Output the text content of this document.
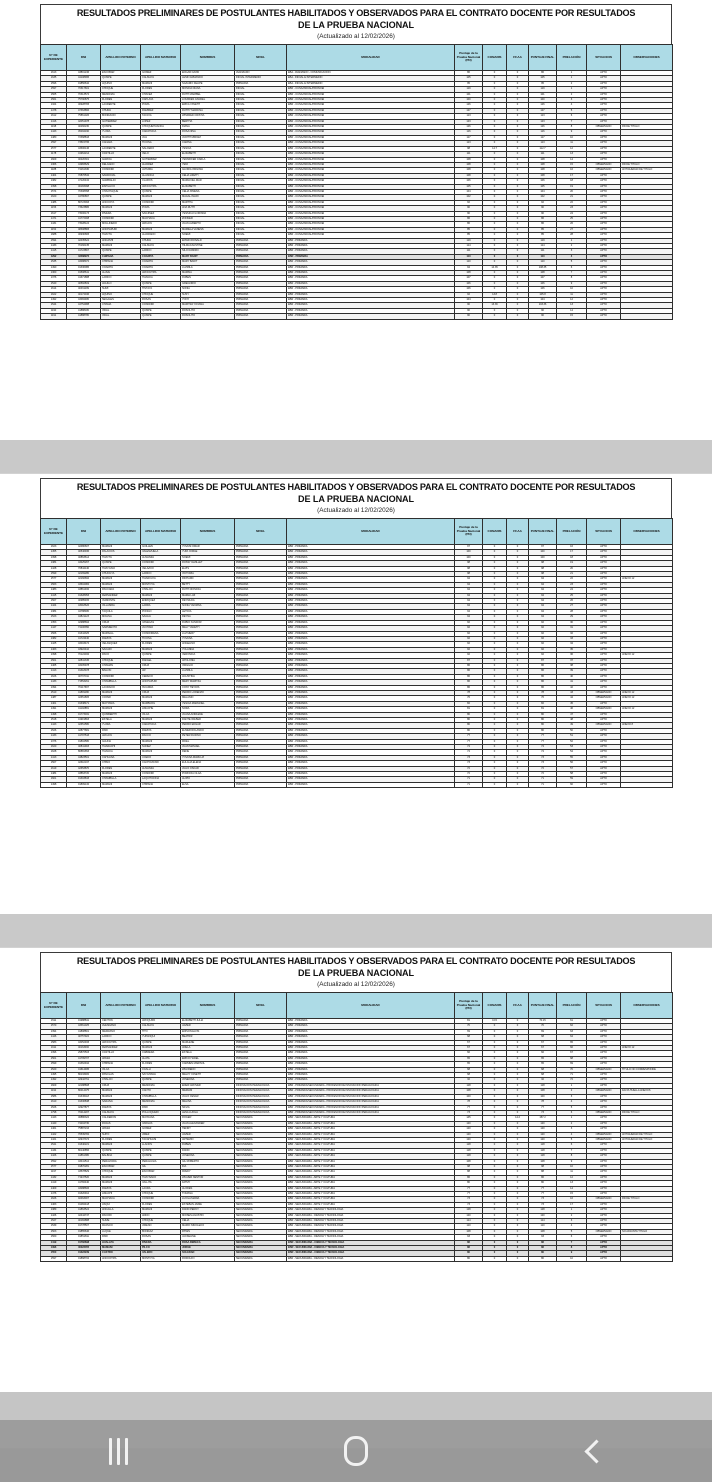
RESULTADOS PRELIMINARES DE POSTULANTES HABILITADOS Y OBSERVADOS PARA EL CONTRATO DOCENTE POR RESULTADOS
DE LA PRUEBA NACIONAL
(Actualizado al 12/02/2026)
N° DE EXPEDIENTE	DNI	APELLIDO PATERNO	APELLIDO MATERNO	NOMBRES	NIVEL	MODALIDAD	Puntaje de la Prueba Nacional (PN)	CONADIS	FF.AA	PUNTAJE FINAL	PRELACIÓN	SITUACION	OBSERVACIONES
1613	43801246	ESCOBAR	GOMEZ	EDGAR DAVID	AVANZADO	EBA - AVANZADO - COMUNICACIÓN	86	0	0	86	1	APTO	
1635	44108995	QUISPE	CALISAYA	LENIN ARMANDO	INICIAL INTERMEDIO	EBA - INICIAL E INTERMEDIO	105	0	0	105	1	APTO	
1596	01856642	AQUINO	MAMANI	NAZARIO FELIPE	PRIMARIA	EBA - INICIAL E INTERMEDIO	95	0	0	95	2	APTO	
1597	70317601	CHOQUE	FLORES	MONICA DIANA	INICIAL	EBR - CUNA/INICIAL/PRONOEI	119	0	0	119	1	APTO	
1565	70313574	MENDOZA	CHAVEZ	RUTH MARIBEL	INICIAL	EBR - CUNA/INICIAL/PRONOEI	101	0	0	101	2	APTO	
1561	75790875	FLORES	CAPLAYA	LOURDES CANDEL	INICIAL	EBR - CUNA/INICIAL/PRONOEI	100	0	0	100	3	APTO	
1324	46928783	LAURENTE	POMA	ERIKA YANETH	INICIAL	EBR - CUNA/INICIAL/PRONOEI	126	0	0	126	4	APTO	
1478	47363866	CHURA	RAMIREZ	RUTHY MARICSA	INICIAL	EBR - CUNA/INICIAL/PRONOEI	127	0	0	127	5	APTO	
1612	75861026	BONIFACIO	TACAYA	WINFRED CRISTIA	INICIAL	EBR - CUNA/INICIAL/PRONOEI	113	0	0	113	6	APTO	
1416	42051978	GUTIERREZ	LOPEZ	BERTHA	INICIAL	EBR - CUNA/INICIAL/PRONOEI	123	0	0	123	7	APTO	
1198	40266230	QUISPE	CHOQUEHUANCA	DIANA	INICIAL	EBR - CUNA/INICIAL/PRONOEI	126	0	0	126	8	OBSERVADO	RD DE TITULO
1443	45294190	YUJRA	CARAHUCA	ROSA NINA	INICIAL	EBR - CUNA/INICIAL/PRONOEI	116	0	0	116	9	APTO	
1480	72368843	MAMANI	JULI	JUDITH MIRIAM	INICIAL	EBR - CUNA/INICIAL/PRONOEI	117	0	0	117	10	APTO	
1597	73515795	CANAZA	TICONA	CARINA	INICIAL	EBR - CUNA/INICIAL/PRONOEI	113	0	0	113	11	APTO	
1577	43306146	LAURENTE	SALCEDO	YESICA	INICIAL	EBR - CUNA/INICIAL/PRONOEI	98	14.7	0	112.7	12	APTO	
1178	41964214	CASTILLO	VELO	ELIZABETH	INICIAL	EBR - CUNA/INICIAL/PRONOEI	111	0	0	111	13	APTO	
1609	40220301	GARCIA	GUTIERREZ	YENNIFFER CARLA	INICIAL	EBR - CUNA/INICIAL/PRONOEI	108	0	0	108	14	APTO	
1366	44983629	DELGADO	ALVAREZ	YENI	INICIAL	EBR - CUNA/INICIAL/PRONOEI	108	0	0	108	15	OBSERVADO	RD DE TITULO
1188	74161330	CONDORI	JAHUIRA	GLORIA VIRGINIA	INICIAL	EBR - CUNA/INICIAL/PRONOEI	108	0	0	108	16	OBSERVADO	ANTIGUEDAD DE TITULO
1404	70876534	SANDOVAL	ALANOCA	CELIA LIZETH	INICIAL	EBR - CUNA/INICIAL/PRONOEI	108	0	0	108	17	APTO	
1382	47120434	GARIBALDI	CLAROS	MARIA DEL MAR	INICIAL	EBR - CUNA/INICIAL/PRONOEI	106	0	0	106	18	APTO	
1398	46183098	ESPILLICO	AROCUTIPA	ELIZABETH	INICIAL	EBR - CUNA/INICIAL/PRONOEI	105	0	0	105	19	APTO	
1574	70308358	CHACHAQUE	QUISPE	CELIA XIMENA	INICIAL	EBR - CUNA/INICIAL/PRONOEI	104	0	0	104	20	APTO	
1620	44780897	QUISPE	MAMANI	MAGALI MARI	INICIAL	EBR - CUNA/INICIAL/PRONOEI	102	0	0	102	21	APTO	
1486	80723093	ANCCOTA	CONDORI	MARTHA	INICIAL	EBR - CUNA/INICIAL/PRONOEI	92	0	0	92	22	APTO	
1156	73623886	MAMANI	POMA	ANA RUTH	INICIAL	EBR - CUNA/INICIAL/PRONOEI	90	0	0	90	23	APTO	
1617	73006173	RIVERA	SANJINEZ	YESSICA FLORINDA	INICIAL	EBR - CUNA/INICIAL/PRONOEI	90	0	0	90	24	APTO	
1471	41772008	CONDORI	MACHACA	ZONNER	INICIAL	EBR - CUNA/INICIAL/PRONOEI	86	0	0	86	25	APTO	
1431	73028124	MOLLINEDO	ARCAYA	JUAN ALBERTO	INICIAL	EBR - CUNA/INICIAL/PRONOEI	86	0	0	86	26	APTO	
1152	48308883	ANCHAPURI	MAMANI	MARIELA VANESS	INICIAL	EBR - CUNA/INICIAL/PRONOEI	85	0	0	85	27	APTO	
1688	46930683	HUAYTA	ALVARADO	NOEMI	INICIAL	EBR - CUNA/INICIAL/PRONOEI	85	0	0	85	28	APTO	
1594	42435624	ANCASHI	CHURA	EDWIN RONALD	PRIMARIA	EBR - PRIMARIA	119	0	0	119	1	APTO	
1433	70166135	MAMANI	CALISAYA	HILMA FAUSTINE	PRIMARIA	EBR - PRIMARIA	114	0	0	114	2	APTO	
1415	41723867	QUISPE	LARICO	NILO RAMIRO	PRIMARIA	EBR - PRIMARIA	111	0	0	111	3	APTO	
1292	43488972	CHIPANA	COARITA	MARY BADIT	PRIMARIA	EBR - PRIMARIA	110	0	0	110	4	APTO	
1535	43488972	CHIPANA	COARITA	MARY BADIT	PRIMARIA	EBR - PRIMARIA	110	0	0	110	5	APTO	
1490	01336086	COARITA	COARITA	LUZMILA	PRIMARIA	EBR - PRIMARIA	94	14.35	0	108.35	6	APTO	
1360	01508641	ALAVE	AROCUTIPA	MARINA	PRIMARIA	EBR - PRIMARIA	108	0	0	108	7	APTO	
1376	41671888	LARICO	HUANCA	RUBEN	PRIMARIA	EBR - PRIMARIA	107	0	0	107	8	APTO	
1540	40592819	AGUILO	QUISPE	GREGORIO	PRIMARIA	EBR - PRIMARIA	106	0	0	106	9	APTO	
1614	40461199	SUMI	TINTAYA	SONIA	PRIMARIA	EBR - PRIMARIA	106	0	0	106	10	APTO	
1622	40174046	AQUINO	CHOQUE	SUSY	PRIMARIA	EBR - PRIMARIA	92	13.8	0	105.8	11	APTO	
1492	43484480	SEGALES	ROSAS	YONY	PRIMARIA	EBR - PRIMARIA	104	0	0	104	12	APTO	
1544	44754988	CHAMA	CONDORI	MARITZA YOVANA	PRIMARIA	EBR - PRIMARIA	90	13.36	0	103.36	13	APTO	
1190	41888180	VIDAL	QUISPE	ROSOLITO	PRIMARIA	EBR - PRIMARIA	90	0	0	90	14	APTO	
1191	41888780	VIDAL	QUISPE	ROSOLITO	PRIMARIA	EBR - PRIMARIA	90	0	0	90	15	APTO	
RESULTADOS PRELIMINARES DE POSTULANTES HABILITADOS Y OBSERVADOS PARA EL CONTRATO DOCENTE POR RESULTADOS
DE LA PRUEBA NACIONAL
(Actualizado al 12/02/2026)
N° DE EXPEDIENTE	DNI	APELLIDO PATERNO	APELLIDO MATERNO	NOMBRES	NIVEL	MODALIDAD	Puntaje de la Prueba Nacional (PN)	CONADIS	FF.AA	PUNTAJE FINAL	PRELACIÓN	SITUACION	OBSERVACIONES
1623	42480607	MAMANI	GUILLEN	YOVANI OMAR	PRIMARIA	EBR - PRIMARIA	97	0	0	97	16	APTO	
1455	40546936	PALACIOS	VALENZUELA	YURI JORGE	PRIMARIA	EBR - PRIMARIA	100	0	0	100	17	APTO	
1398	40863614	HUAYTA	ALMANZA	NOEMI	PRIMARIA	EBR - PRIMARIA	100	0	0	100	18	APTO	
1384	43425267	QUISPE	CONDORI	ROSSI YAMILLET	PRIMARIA	EBR - PRIMARIA	98	0	0	98	19	APTO	
1428	70844140	HUAYCANI	VELAZCO	ELVIS	PRIMARIA	EBR - PRIMARIA	98	0	0	98	20	APTO	
1599	42169280	CHUCUYA	LARICO	VICTORIA	PRIMARIA	EBR - PRIMARIA	98	0	0	98	21	APTO	
1577	42166692	MAMANI	HUARCAYA	RICHARD	PRIMARIA	EBR - PRIMARIA	94	0	0	94	22	APTO	ANEXO 12
1563	43604084	MAMANI	MONTOYA	BETTY	PRIMARIA	EBR - PRIMARIA	94	0	0	94	23	APTO	
1483	43861932	PAUCARA	CHALCO	RUTH DIONICIA	PRIMARIA	EBR - PRIMARIA	94	0	0	94	24	APTO	
1415	01328053	FERNANDEZ	MAMANI	MARIA LUZ	PRIMARIA	EBR - PRIMARIA	94	0	0	94	25	APTO	
1507	40985465	VIAMONTE	ENRIQUEZ	REYNILDA	PRIMARIA	EBR - PRIMARIA	94	0	0	94	26	APTO	
1424	43018626	VILLASIRA	LARRA	SONIA YAKIMNA	PRIMARIA	EBR - PRIMARIA	94	0	0	94	27	APTO	
1384	44788480	TAQUILA	PONGO	LETICIA	PRIMARIA	EBR - PRIMARIA	94	0	0	94	28	APTO	
1523	44821123	MOLINA	SAGUA	REYNA	PRIMARIA	EBR - PRIMARIA	94	0	0	94	29	APTO	
1353	42988694	CRUZ	VANEGAS	RUBIO XANDOR	PRIMARIA	EBR - PRIMARIA	92	0	0	92	30	APTO	
1447	74106350	SARMIENTO	JUCHANI	MELY YANETH	PRIMARIA	EBR - PRIMARIA	92	0	0	92	31	APTO	
1566	01344325	MARSALL	CONDORENA	LUZ MERY	PRIMARIA	EBR - PRIMARIA	92	0	0	92	32	APTO	
1382	41724440	RAMOS	TICONA	YOVANA	PRIMARIA	EBR - PRIMARIA	92	0	0	92	33	APTO	
1425	43403474	VELASQUEZ	FLORES	ANGELINO	PRIMARIA	EBR - PRIMARIA	92	0	0	92	34	APTO	
1463	43922410	SACARI	MAMANI	YOLANDA	PRIMARIA	EBR - PRIMARIA	92	0	0	92	35	APTO	
1398	70124034	PACO	QUISPE	VERONICA	PRIMARIA	EBR - PRIMARIA	92	0	0	92	36	APTO	ANEXO 12
1501	42841345	CHOQUE	RAFAEL	APOLONIA	PRIMARIA	EBR - PRIMARIA	87	0	0	87	37	APTO	
1465	43205978	CHAMAN	CRUZ	VIRGILIO	PRIMARIA	EBR - PRIMARIA	86	0	0	86	38	APTO	
1413	01318978	BAILON	AR	LUZMILA	PRIMARIA	EBR - PRIMARIA	86	0	0	86	39	APTO	
1626	40767011	CONDORI	CERECO	AGUSTINA	PRIMARIA	EBR - PRIMARIA	86	0	0	86	40	APTO	
1433	71553261	CHAMBILLA	ANCHAPURI	MERY MARITZA	PRIMARIA	EBR - PRIMARIA	86	0	0	86	41	APTO	
1394	70117697	LAURACIO	ISCARRA	CONY HEYDIS	PRIMARIA	EBR - PRIMARIA	86	0	0	86	42	APTO	
1510	41881180	MAMANI	CRUZ	PEDRO LORENZO	PRIMARIA	EBR - PRIMARIA	78	0	0	78	43	OBSERVADO	ANEXO 12
1487	42651805	CATARI	MAMANI	MELANIO	PRIMARIA	EBR - PRIMARIA	76	0	0	76	44	OBSERVADO	ANEXO 12
1401	01338471	MAYTANIA	MARBURG	YESICA MARIANEL	PRIMARIA	EBR - PRIMARIA	82	0	0	82	45	APTO	
1491	41102881	MAMANI	LIMACHE	NORA	PRIMARIA	EBR - PRIMARIA	81	0	0	81	46	OBSERVADO	ANEXO 12
1498	01773031	QUISBERTH	VILCA	JUANA AVIRLENE	PRIMARIA	EBR - PRIMARIA	80	0	0	80	47	APTO	
1518	41919863	ESTELA	MAMANI	DANTE WILBER	PRIMARIA	EBR - PRIMARIA	80	0	0	80	48	APTO	
1443	42651580	YUJRA	CARAHUCA	PEDRO EDGAR	PRIMARIA	EBR - PRIMARIA	80	0	0	80	49	OBSERVADO	ANEXO 8
1526	42877681	PARI	RAMOS	ELMER ROLANDO	PRIMARIA	EBR - PRIMARIA	80	0	0	80	50	APTO	
1433	41797543	ARCAYA	PACCO	PETER RUFINO	PRIMARIA	EBR - PRIMARIA	77	0	0	77	51	APTO	
1376	01804580	GAUNA	MAMANI	FIDEL	PRIMARIA	EBR - PRIMARIA	77	0	0	77	52	APTO	
1620	40841903	HUARACHI	NUÑEZ	JUAN MANUEL	PRIMARIA	EBR - PRIMARIA	74	0	0	74	53	APTO	
1628	80881653	HUANCA	MAMANI	RENE	PRIMARIA	EBR - PRIMARIA	74	0	0	74	54	APTO	
1413	44823501	CAHUANA	UCEDO	YOVANA MARILUZ	PRIMARIA	EBR - PRIMARIA	73	0	0	73	55	APTO	
1507	42610197	CHINO	CACHICATARI	EULALIA ELENA	PRIMARIA	EBR - PRIMARIA	73	0	0	73	56	APTO	
1619	42653870	FLORES	ALMANZA	JULIO OSCAR	PRIMARIA	EBR - PRIMARIA	72	0	0	72	57	APTO	
1484	43863720	MAMANI	CONDORI	PORFICIA OLGA	PRIMARIA	EBR - PRIMARIA	72	0	0	72	58	APTO	
1601	01303843	CHAMBILLA	LAQUITICONA	ALIPIO	PRIMARIA	EBR - PRIMARIA	71	0	0	71	59	APTO	
1498	01809132	MAMANI	CHIPANA	ELSA	PRIMARIA	EBR - PRIMARIA	71	0	0	71	60	APTO	
RESULTADOS PRELIMINARES DE POSTULANTES HABILITADOS Y OBSERVADOS PARA EL CONTRATO DOCENTE POR RESULTADOS
DE LA PRUEBA NACIONAL
(Actualizado al 12/02/2026)
N° DE EXPEDIENTE	DNI	APELLIDO PATERNO	APELLIDO MATERNO	NOMBRES	NIVEL	MODALIDAD	Puntaje de la Prueba Nacional (PN)	CONADIS	FF.AA	PUNTAJE FINAL	PRELACIÓN	SITUACION	OBSERVACIONES
1511	01988841	CENTON	AROQUIPA	ELIZABETH JULIA	PRIMARIA	EBR - PRIMARIA	81	0.15	0	70.15	61	APTO	
1570	43361025	AVENDAÑO	CALISAYA	JAVIER	PRIMARIA	EBR - PRIMARIA	70	0	0	70	62	APTO	
1394	41808801	MEDRANO	TITO	EDISON ELVIS	PRIMARIA	EBR - PRIMARIA	69	0	0	69	63	APTO	
1446	40757922	LARICO	YUPANQUI	BEATRIZ	PRIMARIA	EBR - PRIMARIA	68	0	0	68	64	APTO	
1583	43252933	AROCUTIPA	QUISPE	MARLENE	PRIMARIA	EBR - PRIMARIA	67	0	0	67	65	APTO	
1611	40163460	FERNANDEZ	MAMANI	ADELA	PRIMARIA	EBR - PRIMARIA	67	0	0	67	66	APTO	ANEXO 12
1396	29876503	CASTILLO	CABRERA	ESTELA	PRIMARIA	EBR - PRIMARIA	66	0	0	66	67	APTO	
1501	41799707	APAZA	ALATA	ERIKO HADEL	PRIMARIA	EBR - PRIMARIA	65	0	0	65	68	APTO	
1599	01362944	CHIPANA	FLORES	CARMEN MARISOL	PRIMARIA	EBR - PRIMARIA	65	0	0	65	69	APTO	
1520	41614486	VILCA	CCALLI	WILFREDO	PRIMARIA	EBR - PRIMARIA	68	0	0	68	70	OBSERVADO	TITULO NO CORRESPONDE
1495	80233482	PANCLAS	SAYGHANA	MELVY YANETH	PRIMARIA	EBR - PRIMARIA	68	0	0	68	71	APTO	
1492	42942761	CHALCO	QUISPE	JOSEFINA	PRIMARIA	EBR - PRIMARIA	32	0	0	32	72	APTO	
1609	42188808	CRUZ	MENDOZA	EDER GROVER	INNOVACION PEDAGOGICA	EBR - PRIMARIA/SECUNDARIA - PROFESOR DE INNOVACIÓN PEDAGÓGICA	118	0	0	118	1	APTO	
1192	80214075	MAMANI	CANTO	MERIAM	INNOVACION PEDAGOGICA	EBR - PRIMARIA/SECUNDARIA - PROFESOR DE INNOVACIÓN PEDAGÓGICA	108	0	0	108	2	OBSERVADO	FALTA HUELLA ANEXOS
1586	01336118	MAMANI	CHAMBILLA	JULIO CESAR	INNOVACION PEDAGOGICA	EBR - PRIMARIA/SECUNDARIA - PROFESOR DE INNOVACIÓN PEDAGÓGICA	100	0	0	100	3	APTO	
1610	01336838	SARAIVA	MENDOZA	MELINA	INNOVACION PEDAGOGICA	EBR - PRIMARIA/SECUNDARIA - PROFESOR DE INNOVACIÓN PEDAGÓGICA	78	0	0	78	4	APTO	
1526	42927877	RAMOS	PARI	SILVIA	INNOVACION PEDAGOGICA	EBR - PRIMARIA/SECUNDARIA - PROFESOR DE INNOVACIÓN PEDAGÓGICA	77	0	0	77	5	APTO	
1798	70214207	CALISAYA	POLLOQUERI	LENA LUCILA	INNOVACION PEDAGOGICA	EBR - PRIMARIA/SECUNDARIA - PROFESOR DE INNOVACIÓN PEDAGÓGICA	73	0	0	73	6	OBSERVADO	RD DE TITULO
1443	46886322	CALDERON	MAYDANA	ROGER	SECUNDARIA	EBR - SECUNDARIA - ARTE Y CULTURA	145	0	14.2	157.2	1	APTO	
1440	74204730	ROJAS	VARGAS	JUAN ALEXANDER	SECUNDARIA	EBR - SECUNDARIA - ARTE Y CULTURA	120	0	0	120	2	APTO	
1461	75887216	APAZA	GOMEZ	HENRY	SECUNDARIA	EBR - SECUNDARIA - ARTE Y CULTURA	120	0	0	120	3	APTO	
1422	76539784	SUPO	JIMEZ	JAVIER	SECUNDARIA	EBR - SECUNDARIA - ARTE Y CULTURA	120	0	0	120	4	OBSERVADO	ANTIGUEDAD DE TITULO
1421	42947374	FLORES	TACAHUASI	ARTEMIO	SECUNDARIA	EBR - SECUNDARIA - ARTE Y CULTURA	120	0	0	120	5	OBSERVADO	ANTIGUEDAD DE TITULO
1541	01340221	MAMANI	LLANOS	RUBEN	SECUNDARIA	EBR - SECUNDARIA - ARTE Y CULTURA	118	0	0	118	6	APTO	
1434	80140856	QUISPE	QUISPE	DAVID	SECUNDARIA	EBR - SECUNDARIA - ARTE Y CULTURA	118	0	0	118	7	APTO	
1426	41861380	BALBOA	QUISPE	JOSEFINA	SECUNDARIA	EBR - SECUNDARIA - ARTE Y CULTURA	118	0	0	118	8	APTO	
1592	43441512	PERALTADA	PERALUGIA	GIL ROBERTO	SECUNDARIA	EBR - SECUNDARIA - ARTE Y CULTURA	108	0	0	108	9	APTO	
1577	01870281	ESCOBAR	GIL	IDA	SECUNDARIA	EBR - SECUNDARIA - ARTE Y CULTURA	98	0	0	98	10	APTO	
1197	43578829	CHOQUE	ESCOBAR	FREDY	SECUNDARIA	EBR - SECUNDARIA - ARTE Y CULTURA	88	0	0	88	11	APTO	
1432	71947520	MAMANI	HUAYNADO	WILMER NESTOR	SECUNDARIA	EBR - SECUNDARIA - ARTE Y CULTURA	86	0	0	86	12	APTO	
1419	41782440	MAMANI	VALLITA	FATMY	SECUNDARIA	EBR - SECUNDARIA - ARTE Y CULTURA	80	0	0	80	13	APTO	
1409	43288606	RAMOS	LAURA	ALODES	SECUNDARIA	EBR - SECUNDARIA - ARTE Y CULTURA	77	0	0	77	14	APTO	
1476	01320912	LIMACHI	CHOQUE	TOMASA	SECUNDARIA	EBR - SECUNDARIA - ARTE Y CULTURA	77	0	0	77	15	APTO	
1626	02463007	MACHACA	CONDORI	LUCILA MARIA	SECUNDARIA	EBR - SECUNDARIA - ARTE Y CULTURA	73	0	0	73	16	OBSERVADO	RD DE TITULO
1463	01284418	ASQUI	FLORES	ESTEBAN JAIME	SECUNDARIA	EBR - SECUNDARIA - ARTE Y CULTURA	73	0	0	73	17	APTO	
1389	41863524	ANCALLA	MAMANI	DAVID PERCY	SECUNDARIA	EBR - SECUNDARIA - CIENCIA Y TECNOLOGIA	128	0	0	128	1	APTO	
1426	42444747	PACORI	ADDO	MOISES AGUSTIN	SECUNDARIA	EBR - SECUNDARIA - CIENCIA Y TECNOLOGIA	120	0	0	120	2	APTO	
1527	40184888	SUME	CHOQUE	CELIA	SECUNDARIA	EBR - SECUNDARIA - CIENCIA Y TECNOLOGIA	114	0	0	114	3	APTO	
1539	01778507	FRANCO	JIMENO	MARIO NINOLECO	SECUNDARIA	EBR - SECUNDARIA - CIENCIA Y TECNOLOGIA	110	0	0	110	4	APTO	
1503	01855646	LUQUE	BONIFAZ	IPPAIN	SECUNDARIA	EBR - SECUNDARIA - CIENCIA Y TECNOLOGIA	108	0	0	108	5	OBSERVADO	NO ADJUNTA TITULO
1560	01851811	PARI	ROSAS	JACKELINE	SECUNDARIA	EBR - SECUNDARIA - CIENCIA Y TECNOLOGIA	93	0	0	93	6	APTO	
1419	01782698	HUALLPA	RIVERA	ROSA REBECA	SECUNDARIA	EBR - SECUNDARIA - CIENCIA Y TECNOLOGIA	86	0	0	86	7	APTO	
1396	40023455	MAMANI	PILCO	JORGE	SECUNDARIA	EBR - SECUNDARIA - CIENCIA Y TECNOLOGIA	86	0	0	86	8	APTO	
1550	01323239	CASTRO	VALERO	SOLEDAD	SECUNDARIA	EBR - SECUNDARIA - CIENCIA Y TECNOLOGIA	80	0	0	80	9	APTO	
1597	01868702	ANCCOTIPA	MONTOYA	RODOLFO	SECUNDARIA	EBR - SECUNDARIA - CIENCIA Y TECNOLOGIA	80	0	0	80	10	APTO	
